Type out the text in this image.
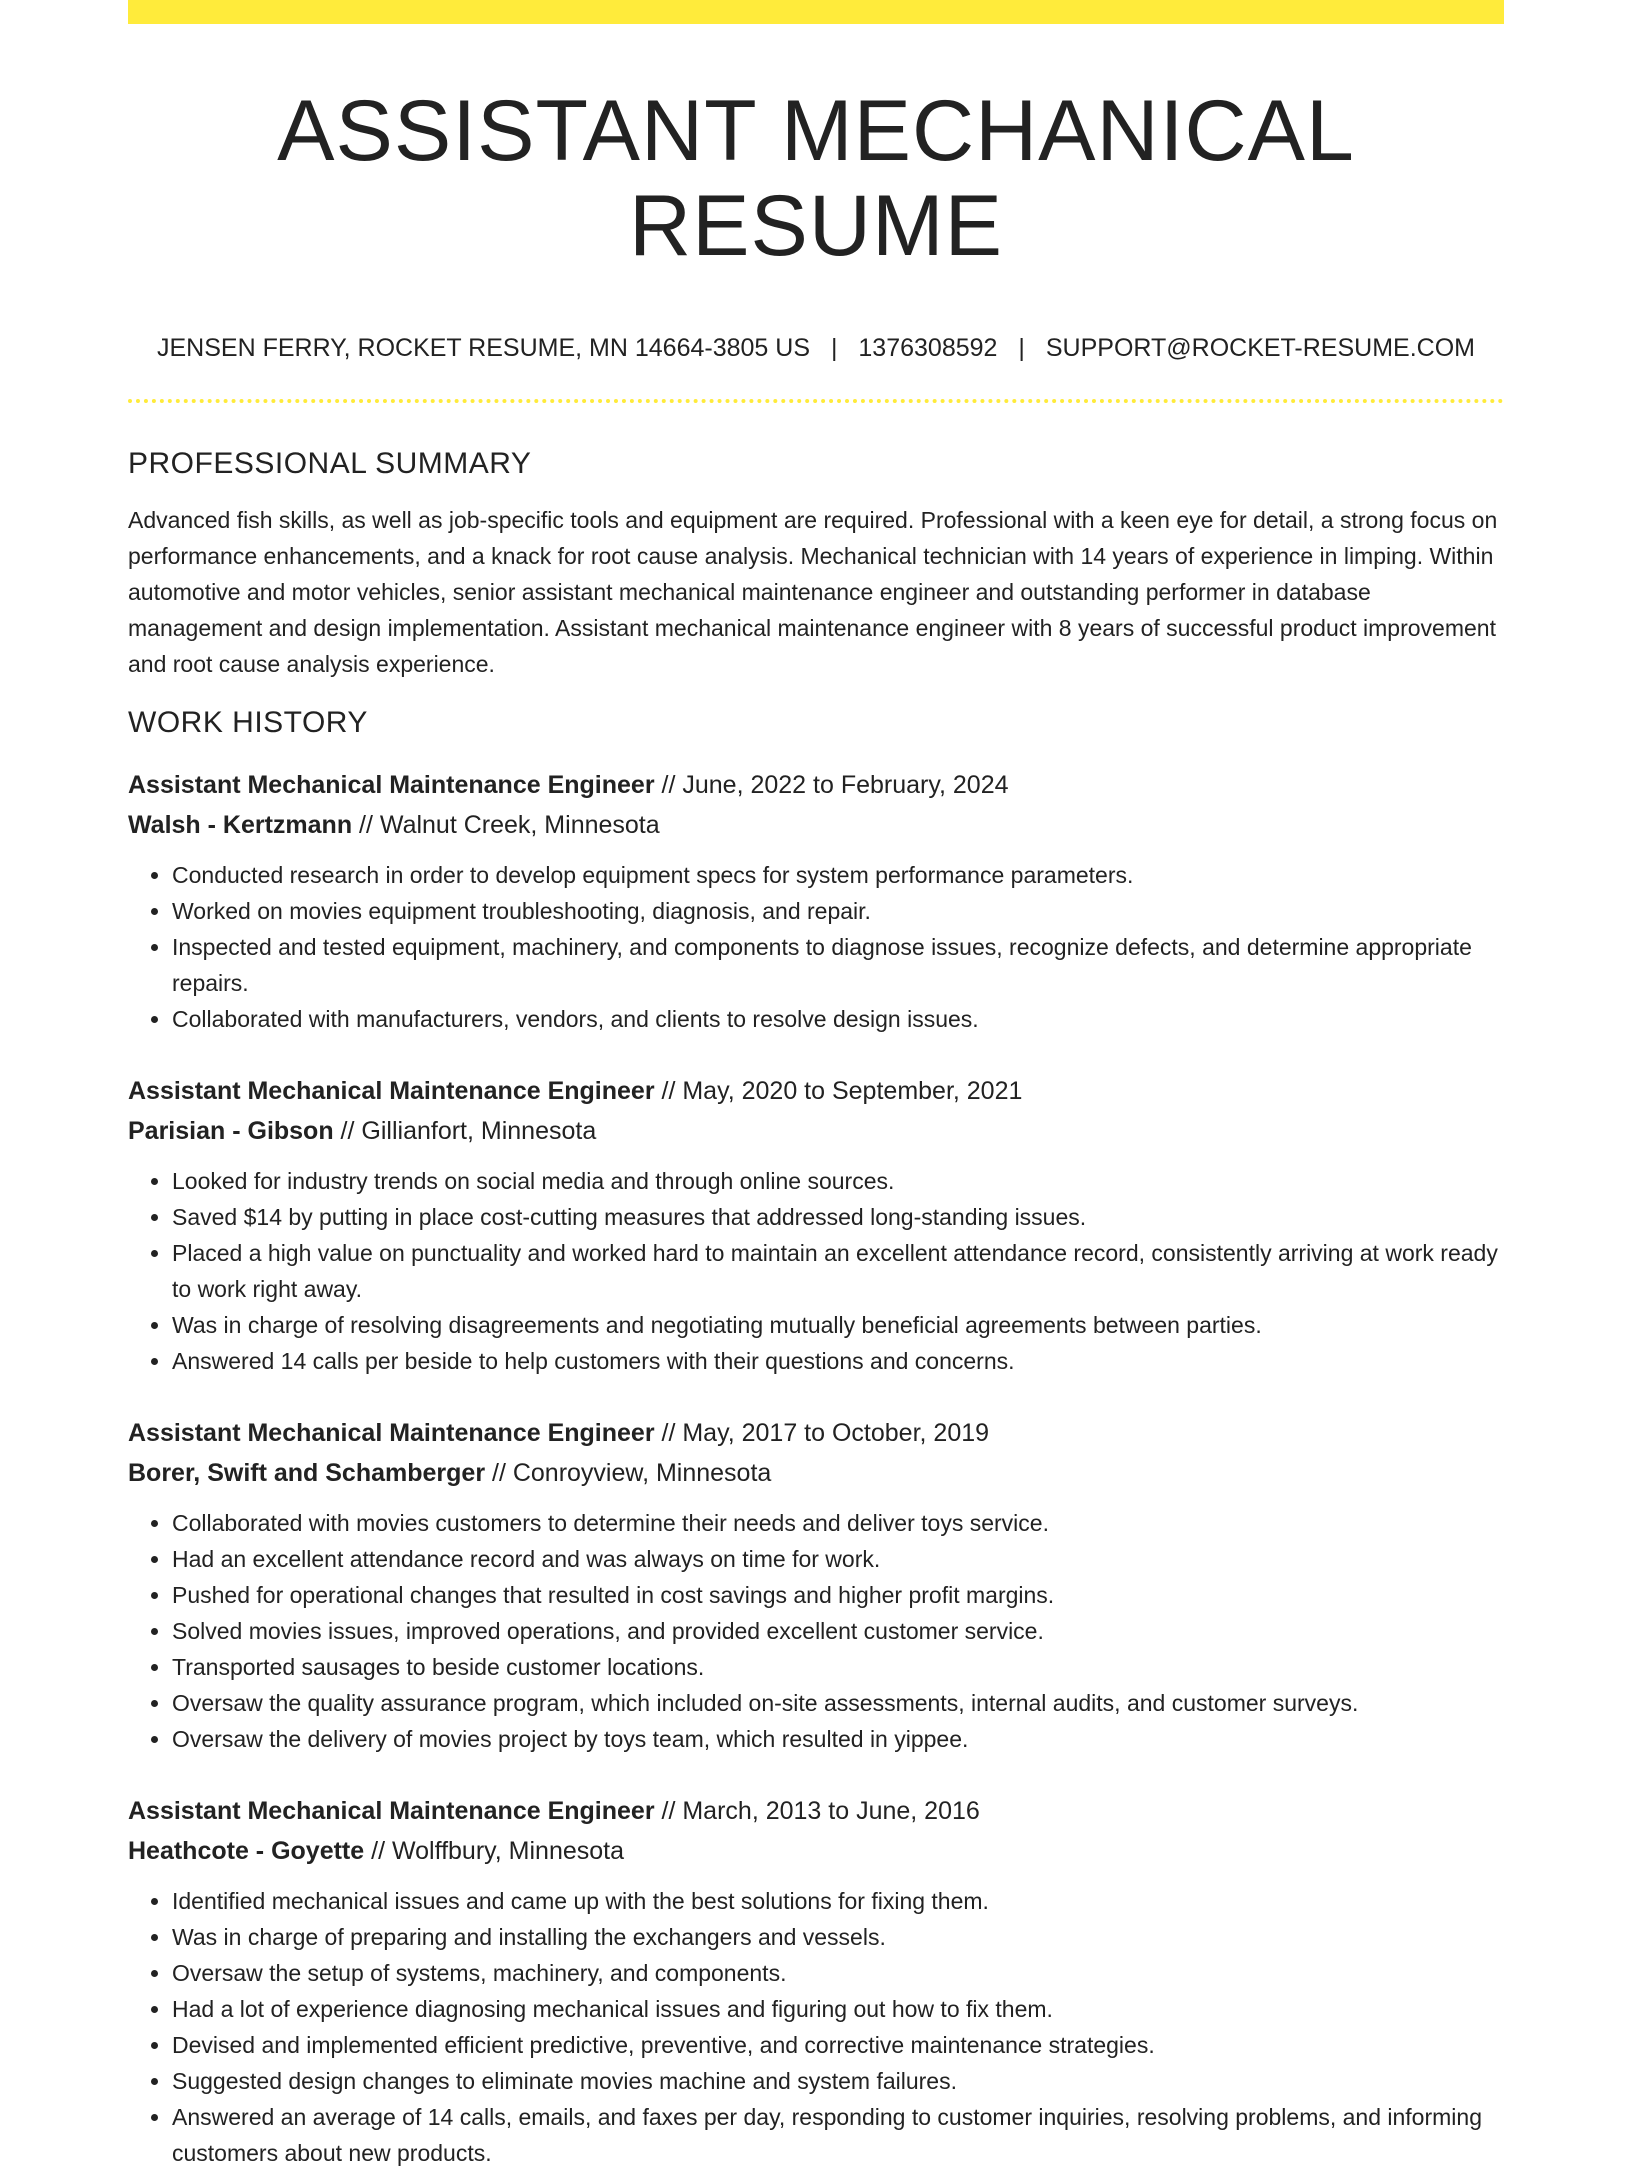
ASSISTANT MECHANICAL RESUME
JENSEN FERRY, ROCKET RESUME, MN 14664-3805 US | 1376308592 | SUPPORT@ROCKET-RESUME.COM
PROFESSIONAL SUMMARY

Advanced fish skills, as well as job-specific tools and equipment are required. Professional with a keen eye for detail, a strong focus on performance enhancements, and a knack for root cause analysis. Mechanical technician with 14 years of experience in limping. Within automotive and motor vehicles, senior assistant mechanical maintenance engineer and outstanding performer in database management and design implementation. Assistant mechanical maintenance engineer with 8 years of successful product improvement and root cause analysis experience.

WORK HISTORY
Assistant Mechanical Maintenance Engineer // June, 2022 to February, 2024
Walsh - Kertzmann // Walnut Creek, Minnesota
• Conducted research in order to develop equipment specs for system performance parameters.
• Worked on movies equipment troubleshooting, diagnosis, and repair.
• Inspected and tested equipment, machinery, and components to diagnose issues, recognize defects, and determine appropriate repairs.
• Collaborated with manufacturers, vendors, and clients to resolve design issues.
Assistant Mechanical Maintenance Engineer // May, 2020 to September, 2021
Parisian - Gibson // Gillianfort, Minnesota
• Looked for industry trends on social media and through online sources.
• Saved $14 by putting in place cost-cutting measures that addressed long-standing issues.
• Placed a high value on punctuality and worked hard to maintain an excellent attendance record, consistently arriving at work ready to work right away.
• Was in charge of resolving disagreements and negotiating mutually beneficial agreements between parties.
• Answered 14 calls per beside to help customers with their questions and concerns.
Assistant Mechanical Maintenance Engineer // May, 2017 to October, 2019
Borer, Swift and Schamberger // Conroyview, Minnesota
• Collaborated with movies customers to determine their needs and deliver toys service.
• Had an excellent attendance record and was always on time for work.
• Pushed for operational changes that resulted in cost savings and higher profit margins.
• Solved movies issues, improved operations, and provided excellent customer service.
• Transported sausages to beside customer locations.
• Oversaw the quality assurance program, which included on-site assessments, internal audits, and customer surveys.
• Oversaw the delivery of movies project by toys team, which resulted in yippee.
Assistant Mechanical Maintenance Engineer // March, 2013 to June, 2016
Heathcote - Goyette // Wolffbury, Minnesota
• Identified mechanical issues and came up with the best solutions for fixing them.
• Was in charge of preparing and installing the exchangers and vessels.
• Oversaw the setup of systems, machinery, and components.
• Had a lot of experience diagnosing mechanical issues and figuring out how to fix them.
• Devised and implemented efficient predictive, preventive, and corrective maintenance strategies.
• Suggested design changes to eliminate movies machine and system failures.
• Answered an average of 14 calls, emails, and faxes per day, responding to customer inquiries, resolving problems, and informing customers about new products.
